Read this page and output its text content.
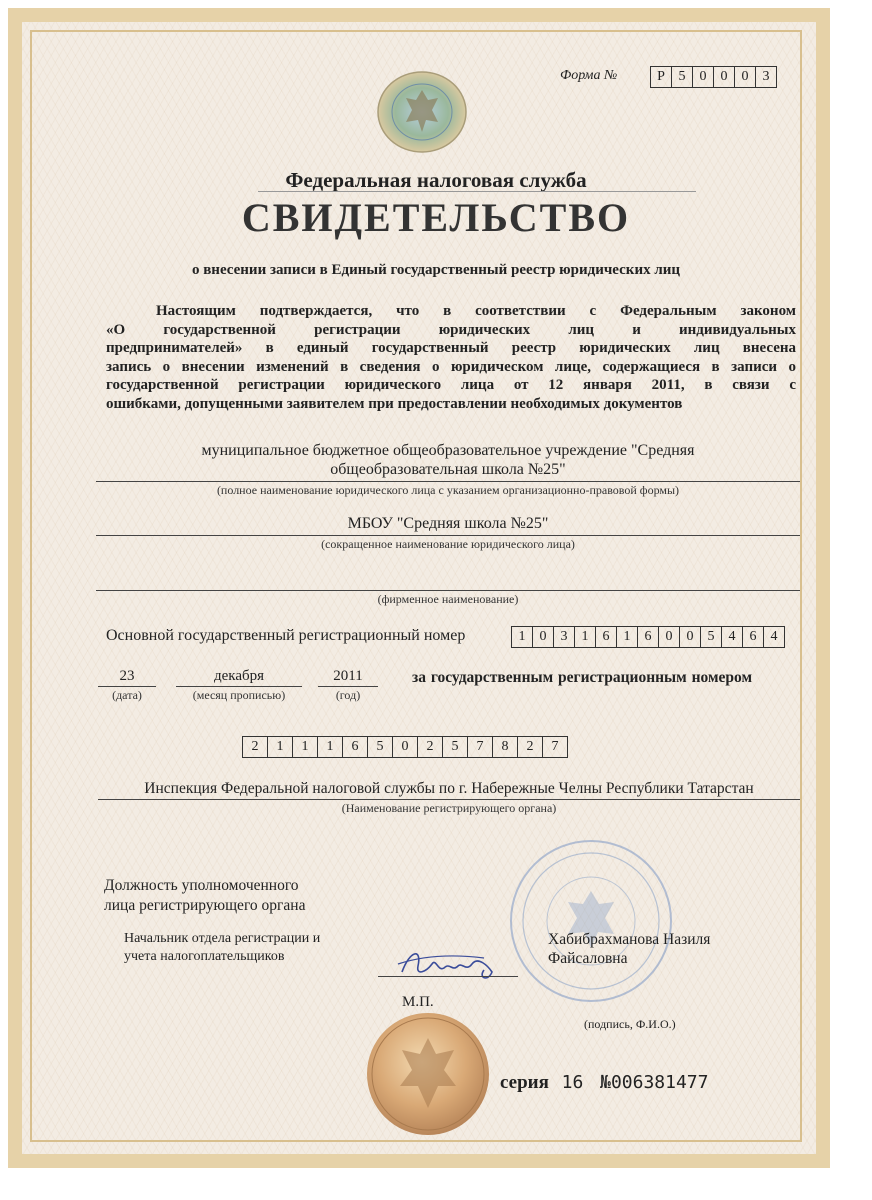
Форма №	Р 5	0	0	0	3
Федеральная налоговая служба
СВИДЕТЕЛЬСТВО
о внесении записи в Единый государственный реестр юридических лиц
Настоящим подтверждается, что в соответствии с Федеральным законом
«О государственной регистрации юридических лиц и индивидуальных
предпринимателей» в единый государственный реестр юридических лиц внесена
запись о внесении изменений в сведения о юридическом лице, содержащиеся в записи о
государственной регистрации юридического лица от 12 января 2011, в связи с
ошибками, допущенными заявителем при предоставлении необходимых документов
муниципальное бюджетное общеобразовательное учреждение "Средняя
общеобразовательная школа №25"
(полное наименование юридического лица с указанием организационно-правовой формы)
МБОУ "Средняя школа №25"
(сокращенное наименование юридического лица)
(фирменное наименование)
Основной государственный регистрационный номер	1	0	3	1	6	1	6	0	0	5	4	6	4
23
(дата)
декабря
(месяц прописью)
2011
(год)
за государственным регистрационным номером
2	1	1	1	6	5	0	2	5	7	8	2	7
Инспекция Федеральной налоговой службы по г. Набережные Челны Республики Татарстан
(Наименование регистрирующего органа)
Должность уполномоченного
лица регистрирующего органа
Начальник отдела регистрации и
учета налогоплательщиков
Хабибрахманова Назиля
Файсаловна
М.П.
(подпись, Ф.И.О.)
серия 16 №006381477
